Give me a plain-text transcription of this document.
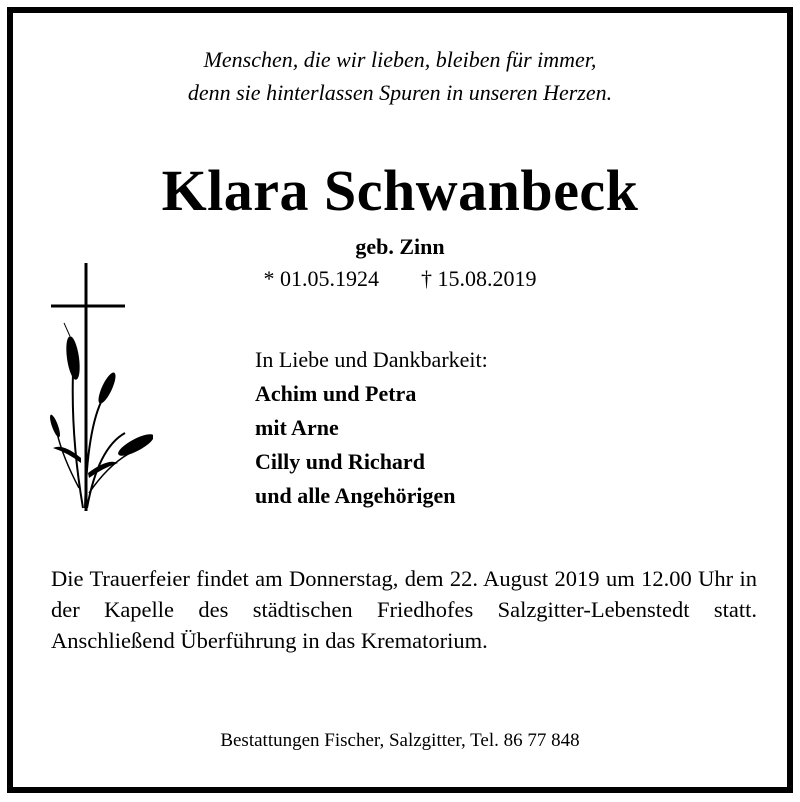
Menschen, die wir lieben, bleiben für immer,
denn sie hinterlassen Spuren in unseren Herzen.
Klara Schwanbeck
geb. Zinn
* 01.05.1924 † 15.08.2019
In Liebe und Dankbarkeit:
Achim und Petra
mit Arne
Cilly und Richard
und alle Angehörigen
Die Trauerfeier findet am Donnerstag, dem 22. August 2019 um 12.00 Uhr in der Kapelle des städtischen Friedhofes Salzgitter-Lebenstedt statt. Anschließend Überführung in das Krematorium.
Bestattungen Fischer, Salzgitter, Tel. 86 77 848
